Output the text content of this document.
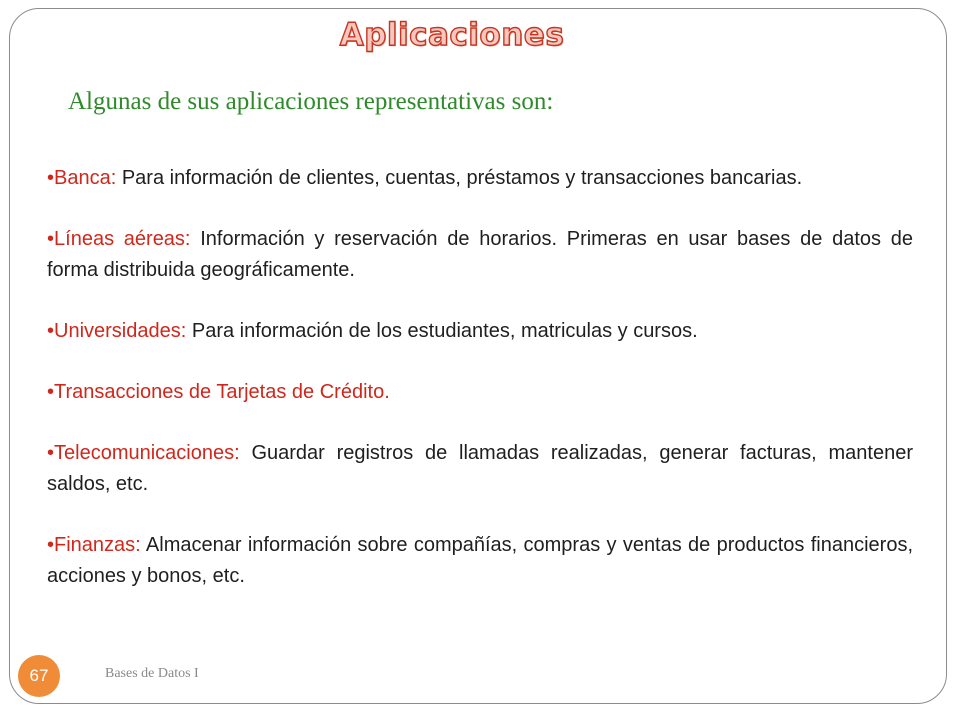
Aplicaciones

Algunas de sus aplicaciones representativas son:

•Banca: Para información de clientes, cuentas, préstamos y transacciones bancarias.
•Líneas aéreas: Información y reservación de horarios. Primeras en usar bases de datos de forma distribuida geográficamente.
•Universidades: Para información de los estudiantes, matriculas y cursos.
•Transacciones de Tarjetas de Crédito.
•Telecomunicaciones: Guardar registros de llamadas realizadas, generar facturas, mantener saldos, etc.
•Finanzas: Almacenar información sobre compañías, compras y ventas de productos financieros, acciones y bonos, etc.
67	Bases de Datos I
